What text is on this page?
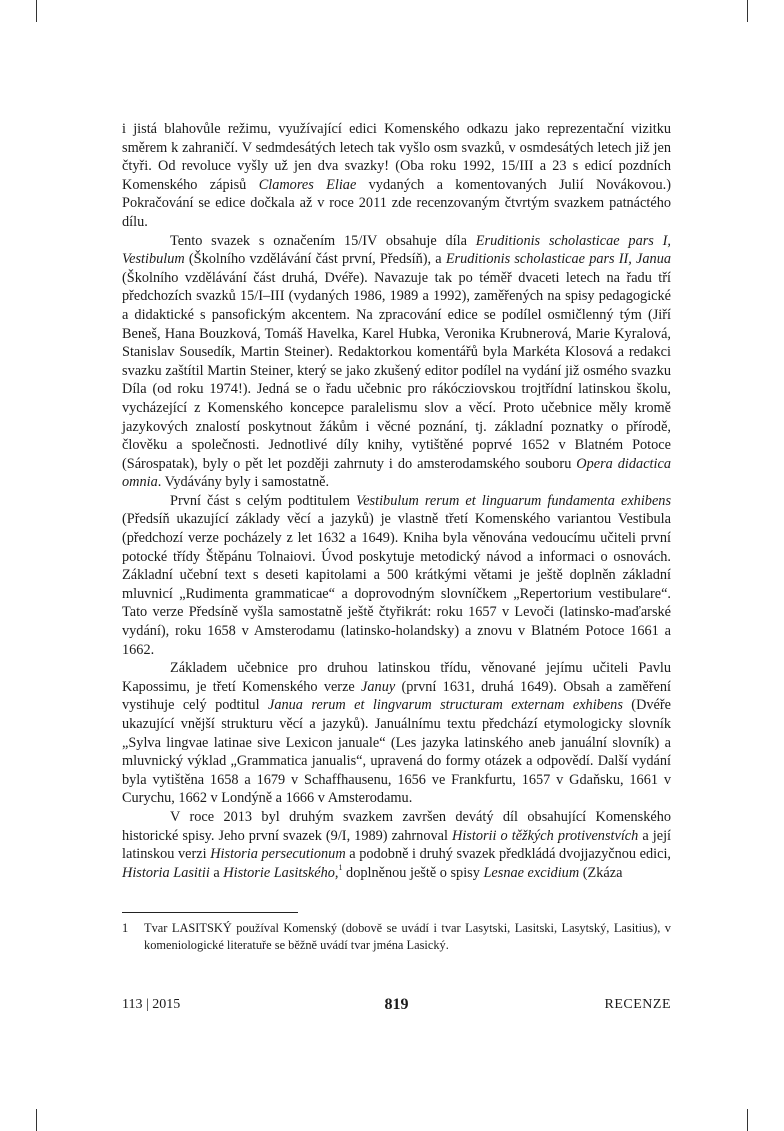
i jistá blahovůle režimu, využívající edici Komenského odkazu jako reprezentační vizitku směrem k zahraničí. V sedmdesátých letech tak vyšlo osm svazků, v osmdesátých letech již jen čtyři. Od revoluce vyšly už jen dva svazky! (Oba roku 1992, 15/III a 23 s edicí pozdních Komenského zápisů Clamores Eliae vydaných a komentovaných Julií Novákovou.) Pokračování se edice dočkala až v roce 2011 zde recenzovaným čtvrtým svazkem patnáctého dílu.

Tento svazek s označením 15/IV obsahuje díla Eruditionis scholasticae pars I, Vestibulum (Školního vzdělávání část první, Předsíň), a Eruditionis scholasticae pars II, Janua (Školního vzdělávání část druhá, Dvéře). Navazuje tak po téměř dvaceti letech na řadu tří předchozích svazků 15/I–III (vydaných 1986, 1989 a 1992), zaměřených na spisy pedagogické a didaktické s pansofickým akcentem. Na zpracování edice se podílel osmičlenný tým (Jiří Beneš, Hana Bouzková, Tomáš Havelka, Karel Hubka, Veronika Krubnerová, Marie Kyralová, Stanislav Sousedík, Martin Steiner). Redaktorkou komentářů byla Markéta Klosová a redakci svazku zaštítil Martin Steiner, který se jako zkušený editor podílel na vydání již osmého svazku Díla (od roku 1974!). Jedná se o řadu učebnic pro rákócziovskou trojtřídní latinskou školu, vycházející z Komenského koncepce paralelismu slov a věcí. Proto učebnice měly kromě jazykových znalostí poskytnout žákům i věcné poznání, tj. základní poznatky o přírodě, člověku a společnosti. Jednotlivé díly knihy, vytištěné poprvé 1652 v Blatném Potoce (Sárospatak), byly o pět let později zahrnuty i do amsterodamského souboru Opera didactica omnia. Vydávány byly i samostatně.

První část s celým podtitulem Vestibulum rerum et linguarum fundamenta exhibens (Předsíň ukazující základy věcí a jazyků) je vlastně třetí Komenského variantou Vestibula (předchozí verze pocházely z let 1632 a 1649). Kniha byla věnována vedoucímu učiteli první potocké třídy Štěpánu Tolnaiovi. Úvod poskytuje metodický návod a informaci o osnovách. Základní učební text s deseti kapitolami a 500 krátkými větami je ještě doplněn základní mluvnicí „Rudimenta grammaticae“ a doprovodným slovníčkem „Repertorium vestibulare“. Tato verze Předsíně vyšla samostatně ještě čtyřikrát: roku 1657 v Levoči (latinsko-maďarské vydání), roku 1658 v Amsterodamu (latinsko-holandsky) a znovu v Blatném Potoce 1661 a 1662.

Základem učebnice pro druhou latinskou třídu, věnované jejímu učiteli Pavlu Kapossimu, je třetí Komenského verze Januy (první 1631, druhá 1649). Obsah a zaměření vystihuje celý podtitul Janua rerum et lingvarum structuram externam exhibens (Dvéře ukazující vnější strukturu věcí a jazyků). Januálnímu textu předchází etymologicky slovník „Sylva lingvae latinae sive Lexicon januale“ (Les jazyka latinského aneb januální slovník) a mluvnický výklad „Grammatica janualis“, upravená do formy otázek a odpovědí. Další vydání byla vytištěna 1658 a 1679 v Schaffhausenu, 1656 ve Frankfurtu, 1657 v Gdaňsku, 1661 v Curychu, 1662 v Londýně a 1666 v Amsterodamu.

V roce 2013 byl druhým svazkem završen devátý díl obsahující Komenského historické spisy. Jeho první svazek (9/I, 1989) zahrnoval Historii o těžkých protivenstvích a její latinskou verzi Historia persecutionum a podobně i druhý svazek předkládá dvojjazyčnou edici, Historia Lasitii a Historie Lasitského,$^1$ doplněnou ještě o spisy Lesnae excidium (Zkáza

1	Tvar LASITSKÝ používal Komenský (dobově se uvádí i tvar Lasytski, Lasitski, Lasytský, Lasitius), v komeniologické literatuře se běžně uvádí tvar jména Lasický.
113 | 2015	819	RECENZE
